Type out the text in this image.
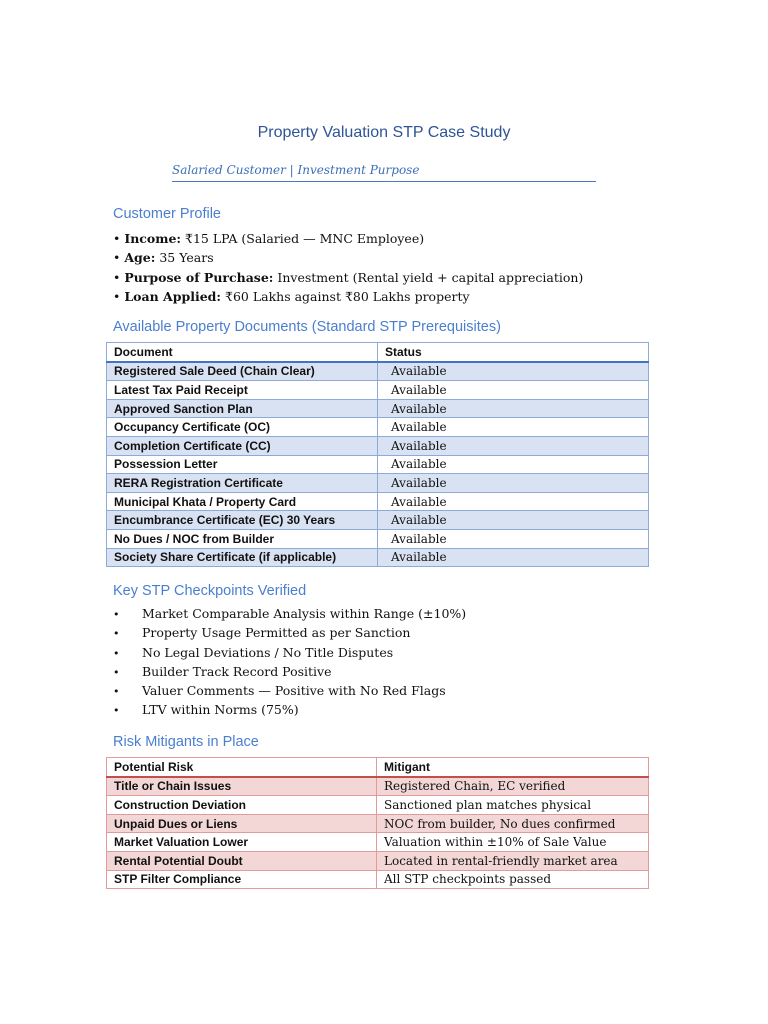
Property Valuation STP Case Study
Salaried Customer | Investment Purpose
Customer Profile
• Income: ₹15 LPA (Salaried — MNC Employee)
• Age: 35 Years
• Purpose of Purchase: Investment (Rental yield + capital appreciation)
• Loan Applied: ₹60 Lakhs against ₹80 Lakhs property
Available Property Documents (Standard STP Prerequisites)
Document	Status
Registered Sale Deed (Chain Clear)	Available
Latest Tax Paid Receipt	Available
Approved Sanction Plan	Available
Occupancy Certificate (OC)	Available
Completion Certificate (CC)	Available
Possession Letter	Available
RERA Registration Certificate	Available
Municipal Khata / Property Card	Available
Encumbrance Certificate (EC) 30 Years	Available
No Dues / NOC from Builder	Available
Society Share Certificate (if applicable)	Available
Key STP Checkpoints Verified
• Market Comparable Analysis within Range (±10%)
• Property Usage Permitted as per Sanction
• No Legal Deviations / No Title Disputes
• Builder Track Record Positive
• Valuer Comments — Positive with No Red Flags
• LTV within Norms (75%)
Risk Mitigants in Place
Potential Risk	Mitigant
Title or Chain Issues	Registered Chain, EC verified
Construction Deviation	Sanctioned plan matches physical
Unpaid Dues or Liens	NOC from builder, No dues confirmed
Market Valuation Lower	Valuation within ±10% of Sale Value
Rental Potential Doubt	Located in rental-friendly market area
STP Filter Compliance	All STP checkpoints passed
